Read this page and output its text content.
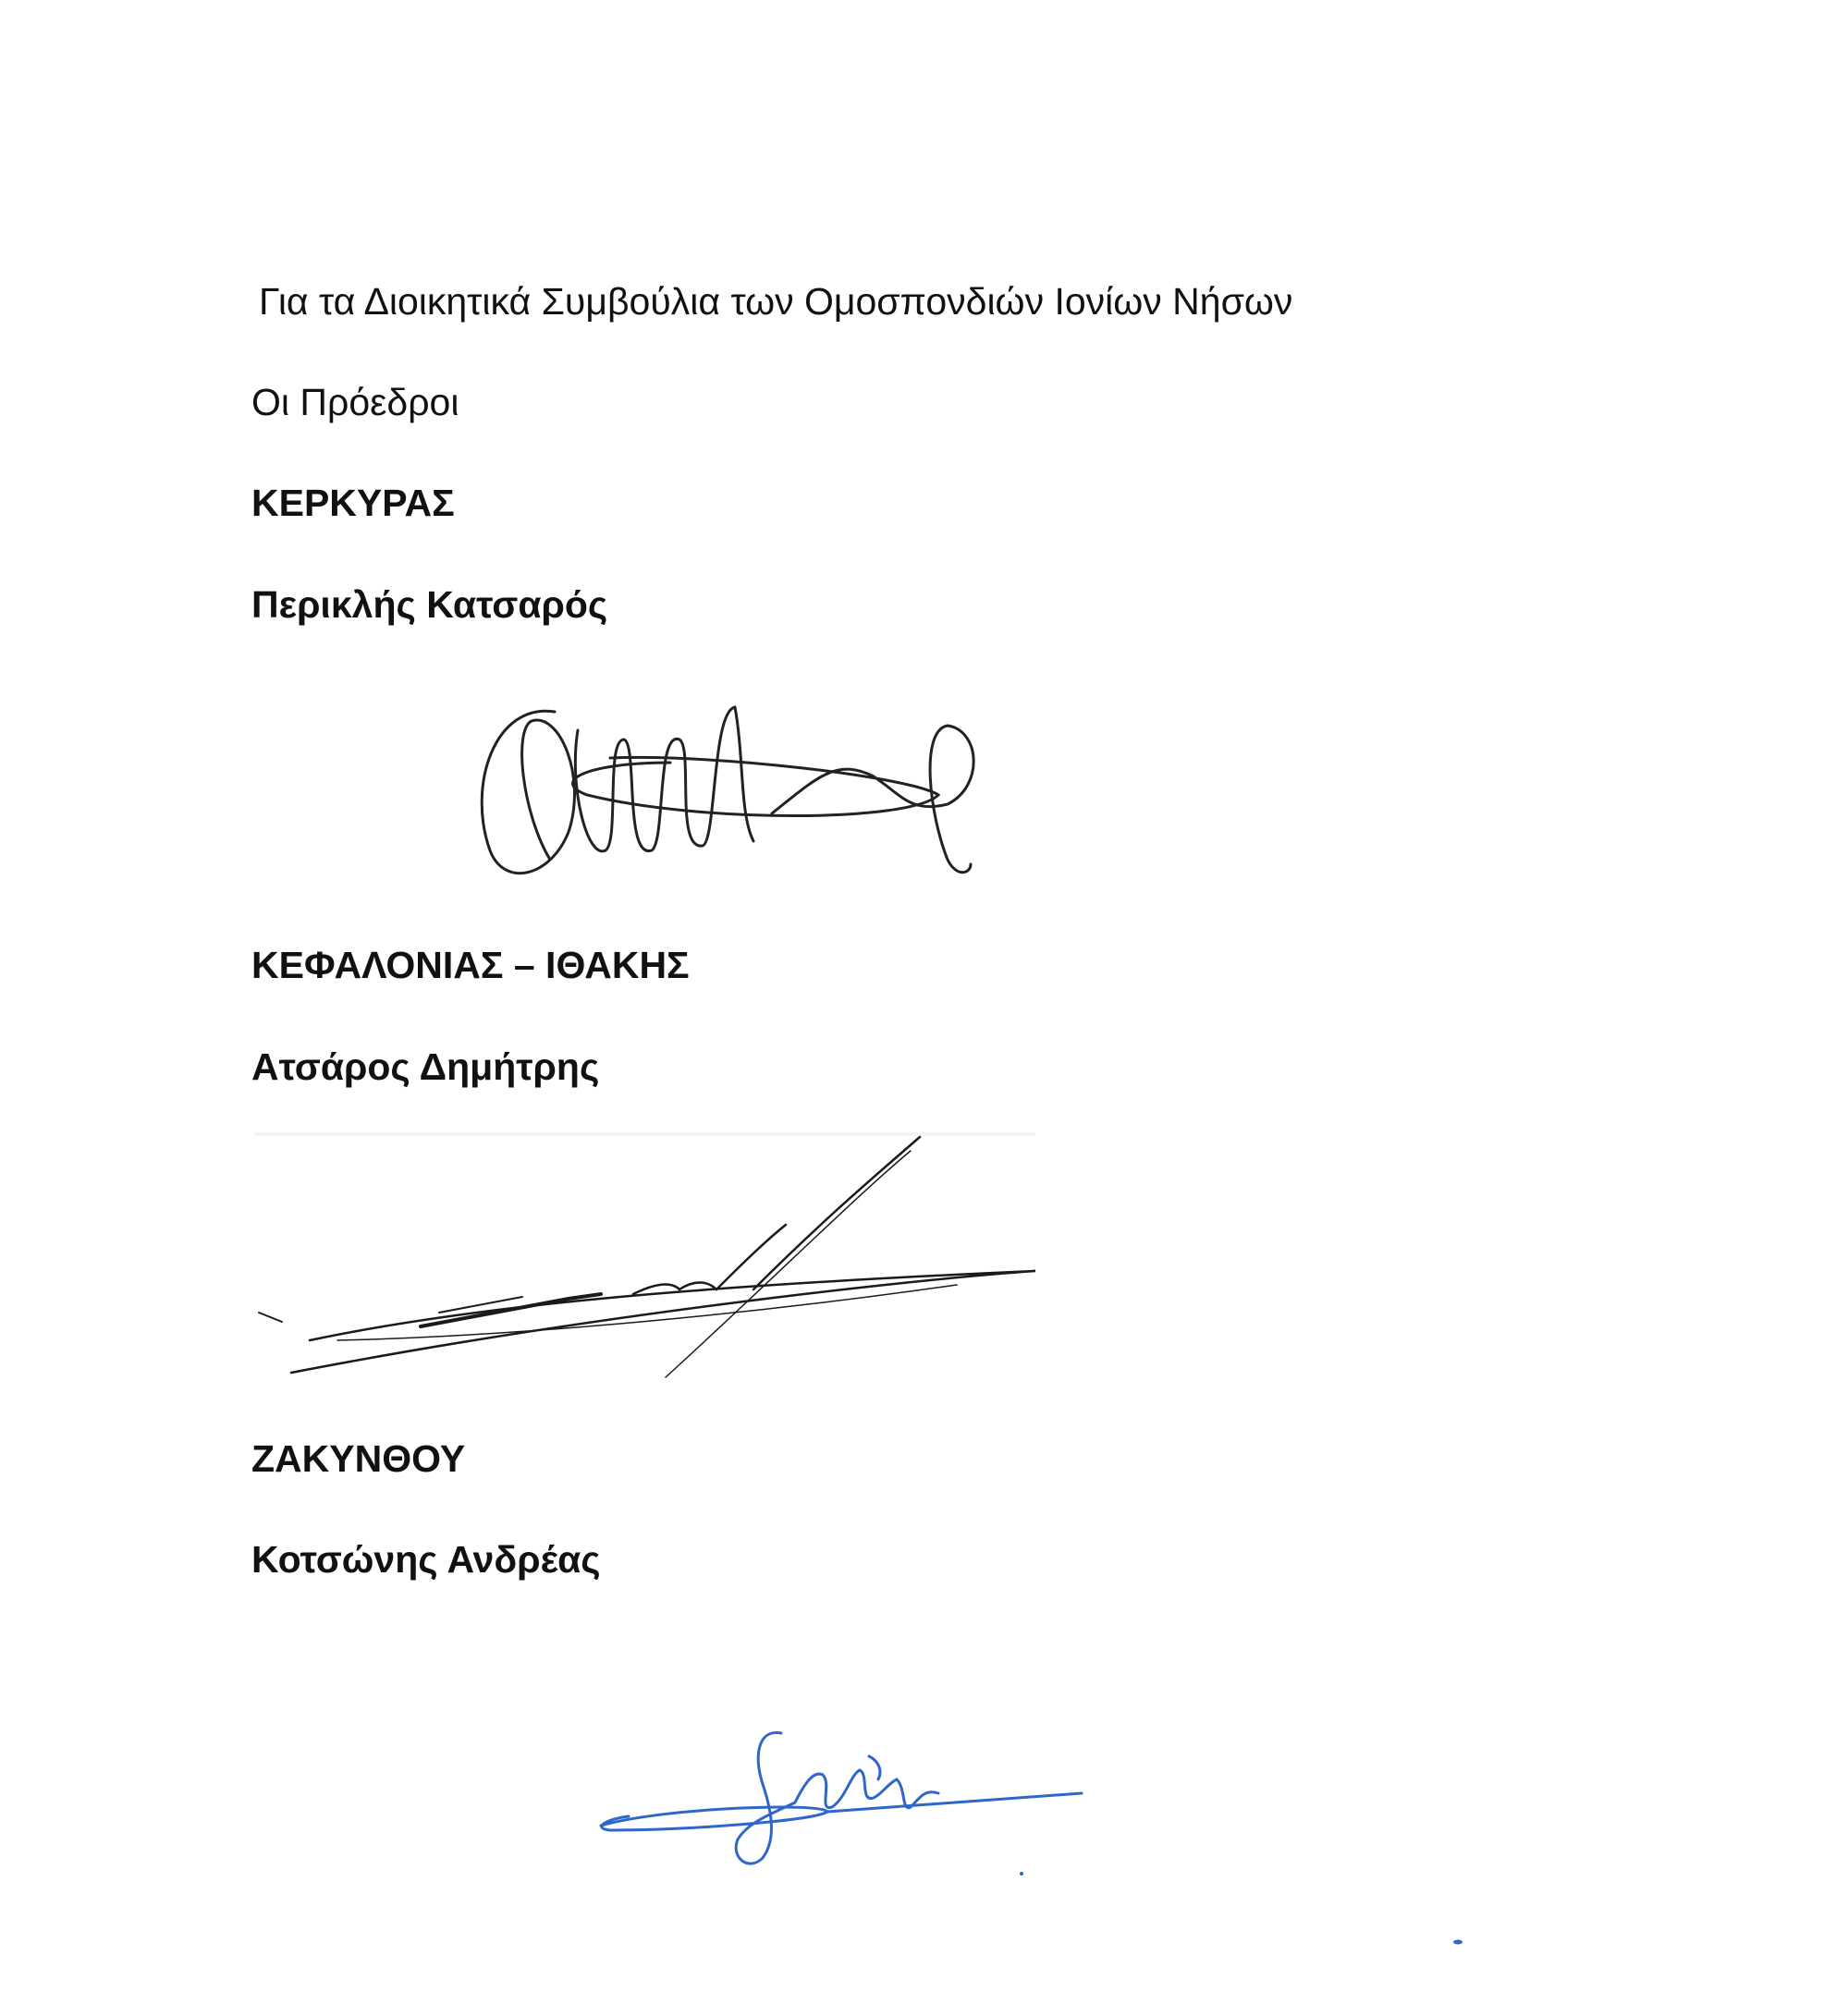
Για τα Διοικητικά Συμβούλια των Ομοσπονδιών Ιονίων Νήσων
Οι Πρόεδροι
ΚΕΡΚΥΡΑΣ
Περικλής Κατσαρός
ΚΕΦΑΛΟΝΙΑΣ – ΙΘΑΚΗΣ
Ατσάρος Δημήτρης
ΖΑΚΥΝΘΟΥ
Κοτσώνης Ανδρέας
